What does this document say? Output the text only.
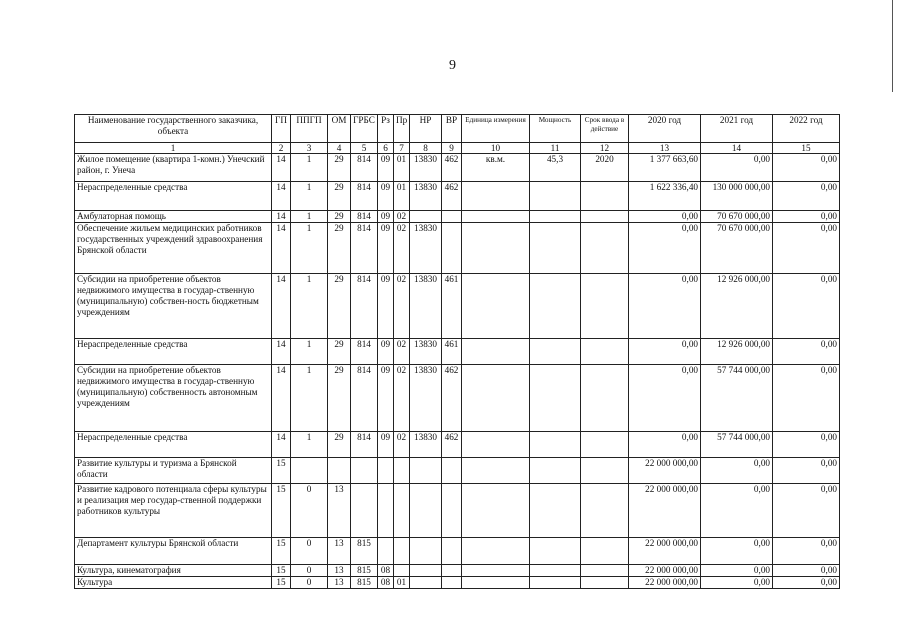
9
Наименование государственного заказчика, объекта	ГП	ППГП	ОМ	ГРБС	Рз	Пр	НР	ВР	Единица измерения	Мощность	Срок ввода в действие	2020 год	2021 год	2022 год
1	2	3	4	5	6	7	8	9	10	11	12	13	14	15
Жилое помещение (квартира 1-комн.) Унечский район, г. Унеча	14	1	29	814	09	01	13830	462	кв.м.	45,3	2020	1 377 663,60	0,00	0,00
Нераспределенные средства	14	1	29	814	09	01	13830	462				1 622 336,40	130 000 000,00	0,00
Амбулаторная помощь	14	1	29	814	09	02						0,00	70 670 000,00	0,00
Обеспечение жильем медицинских работников государственных учреждений здравоохранения Брянской области	14	1	29	814	09	02	13830					0,00	70 670 000,00	0,00
Субсидии на приобретение объектов недвижимого имущества в государ-ственную (муниципальную) собствен-ность бюджетным учреждениям	14	1	29	814	09	02	13830	461				0,00	12 926 000,00	0,00
Нераспределенные средства	14	1	29	814	09	02	13830	461				0,00	12 926 000,00	0,00
Субсидии на приобретение объектов недвижимого имущества в государ-ственную (муниципальную) собственность автономным учреждениям	14	1	29	814	09	02	13830	462				0,00	57 744 000,00	0,00
Нераспределенные средства	14	1	29	814	09	02	13830	462				0,00	57 744 000,00	0,00
Развитие культуры и туризма а Брянской области	15											22 000 000,00	0,00	0,00
Развитие кадрового потенциала сферы культуры и реализация мер государ-ственной поддержки работников культуры	15	0	13									22 000 000,00	0,00	0,00
Департамент культуры Брянской области	15	0	13	815								22 000 000,00	0,00	0,00
Культура, кинематография	15	0	13	815	08							22 000 000,00	0,00	0,00
Культура	15	0	13	815	08	01						22 000 000,00	0,00	0,00
